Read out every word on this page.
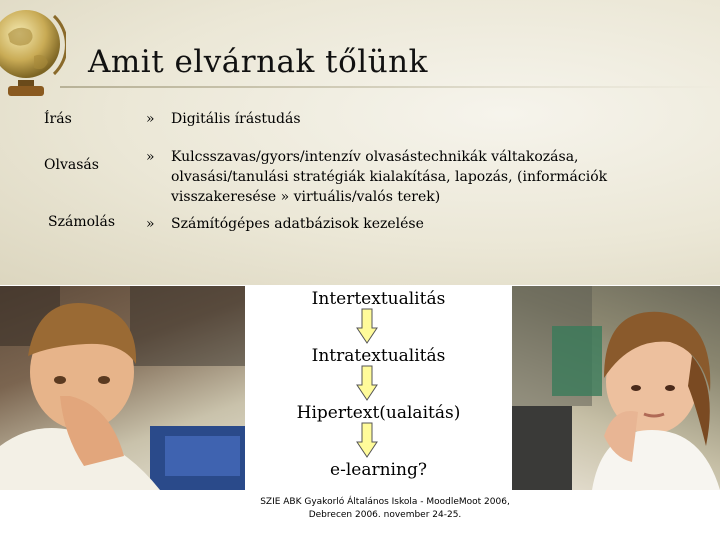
Amit elvárnak tőlünk
Írás	» Digitális írástudás
Olvasás	» Kulcsszavas/gyors/intenzív olvasástechnikák váltakozása, olvasási/tanulási stratégiák kialakítása, lapozás, (információk visszakeresése » virtuális/valós terek)
Számolás » Számítógépes adatbázisok kezelése
Intertextualitás
Intratextualitás
Hipertext(ualaitás)
e-learning?
SZIE ABK Gyakorló Általános Iskola - MoodleMoot 2006,
Debrecen 2006. november 24-25.
